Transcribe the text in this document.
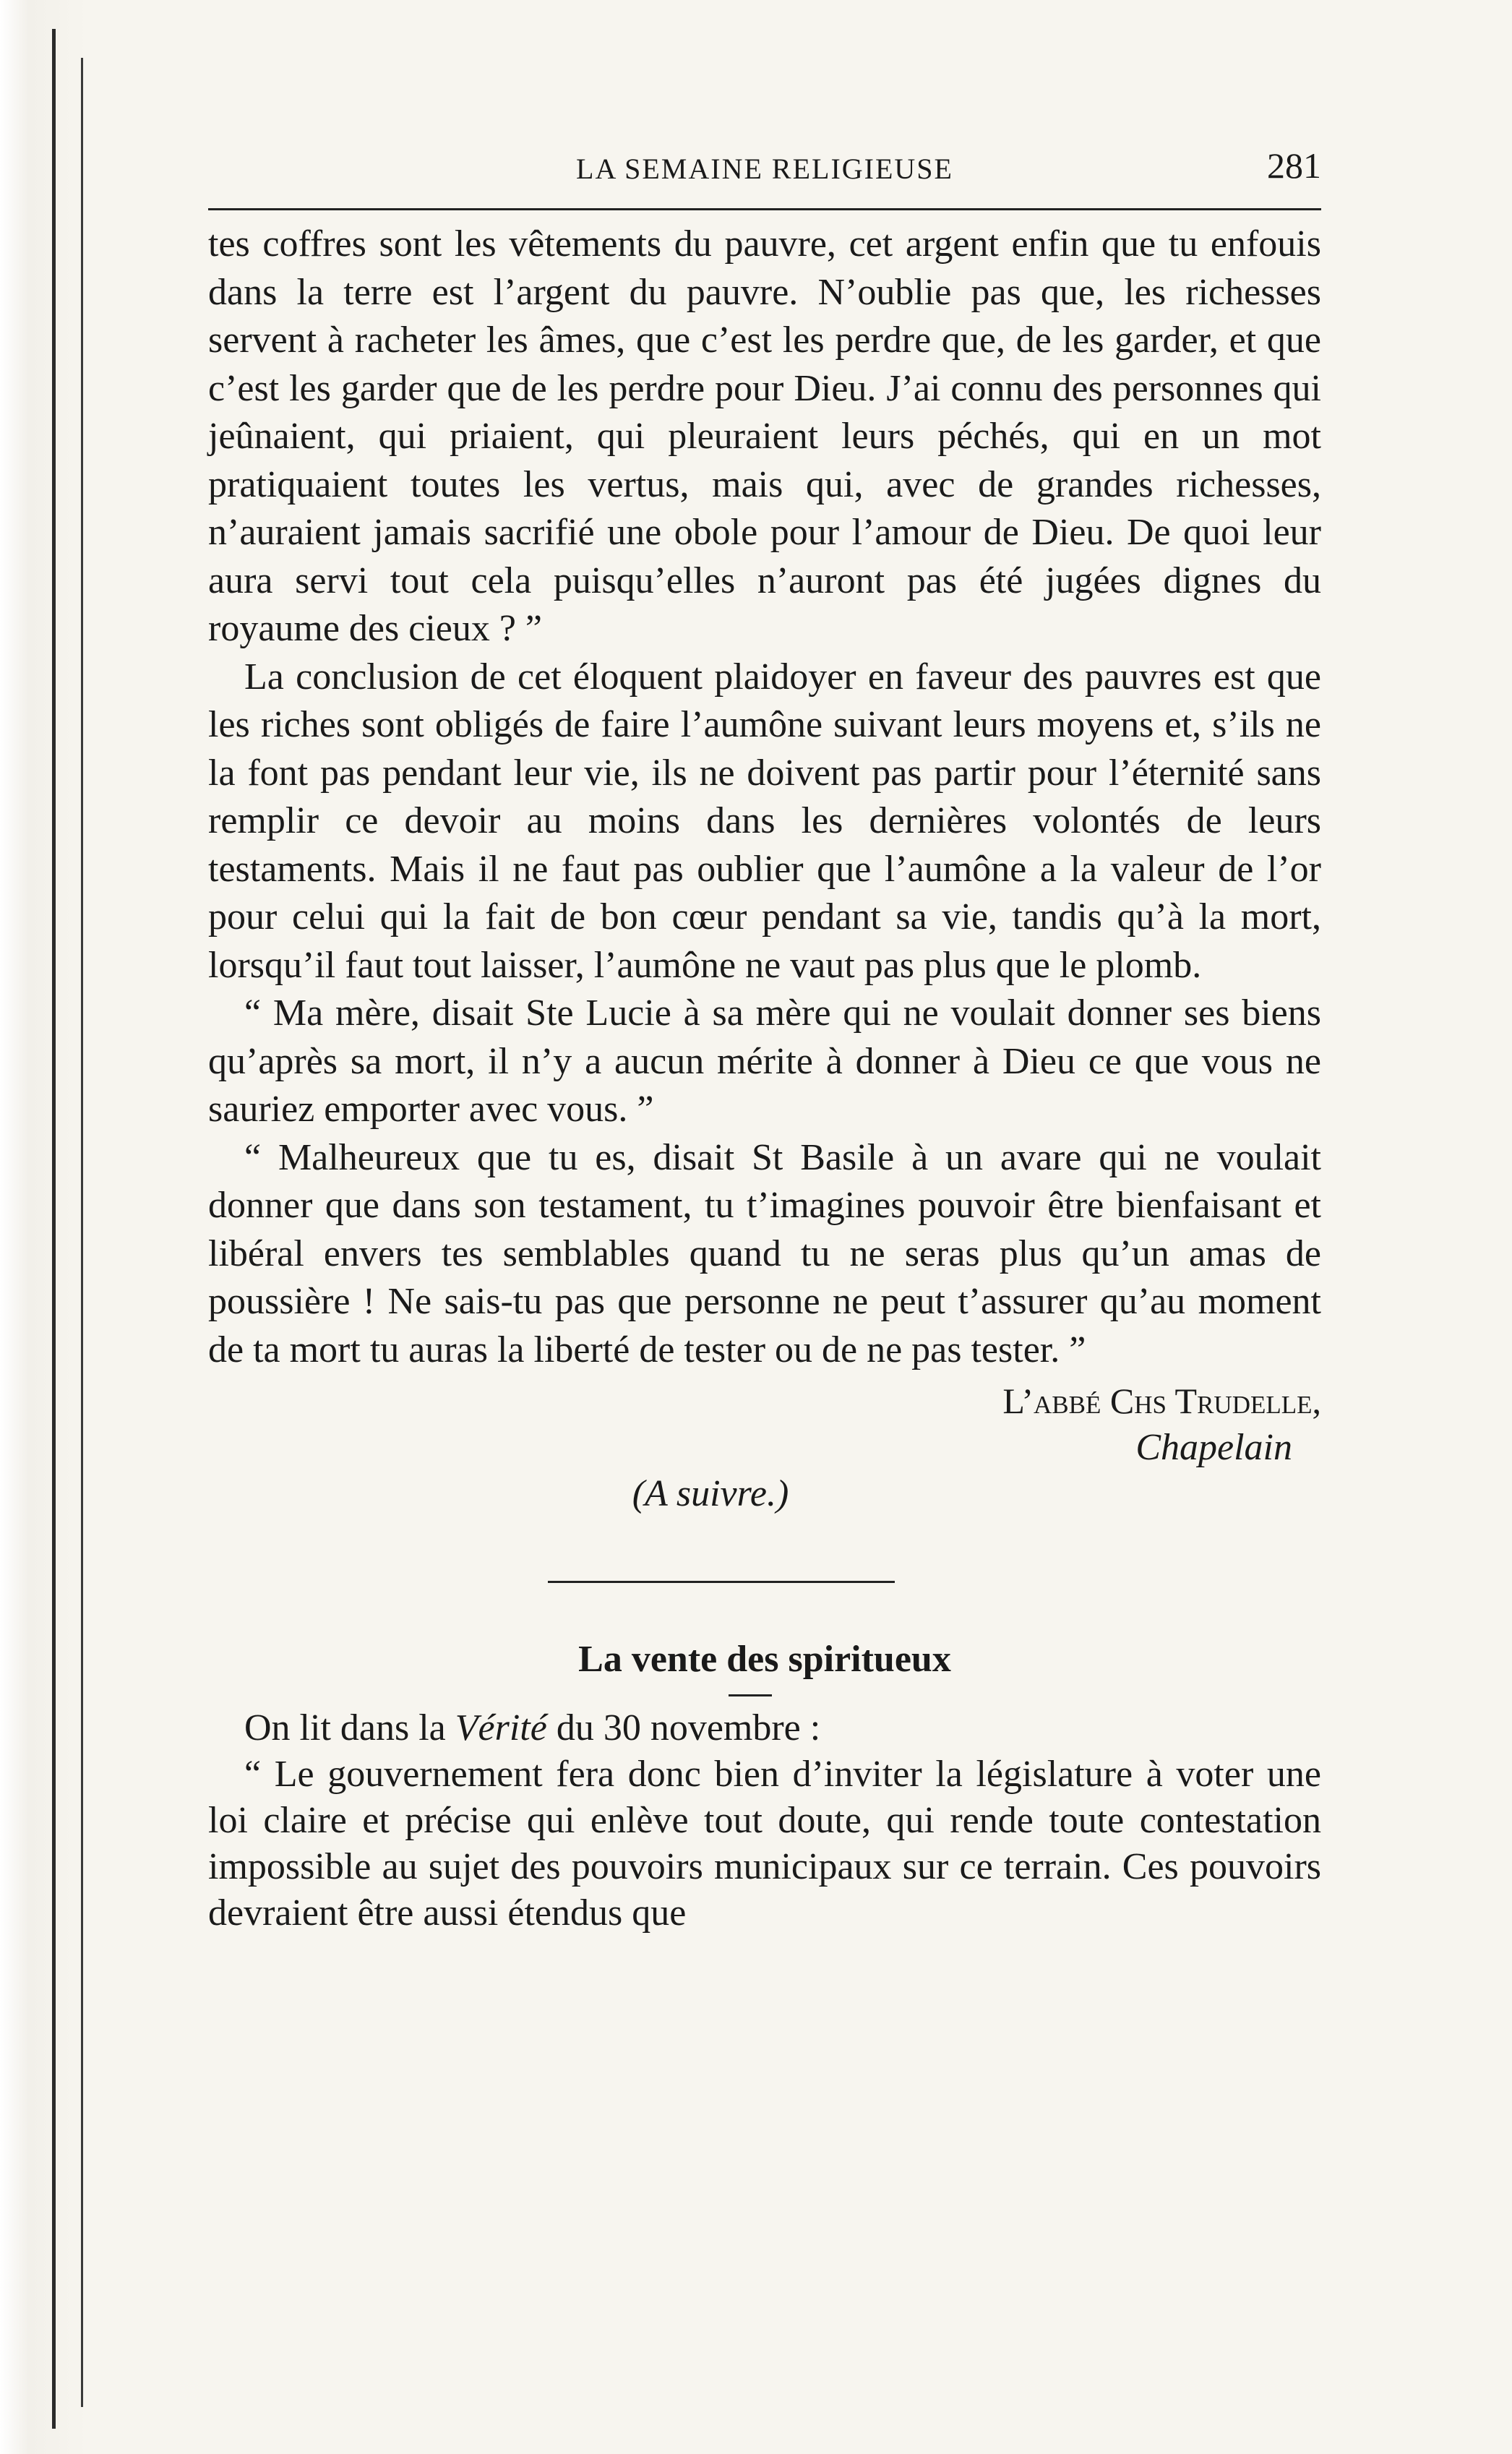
LA SEMAINE RELIGIEUSE	281

tes coffres sont les vêtements du pauvre, cet argent enfin que tu enfouis dans la terre est l’argent du pauvre. N’oublie pas que, les richesses servent à racheter les âmes, que c’est les perdre que, de les garder, et que c’est les garder que de les perdre pour Dieu. J’ai connu des personnes qui jeûnaient, qui priaient, qui pleuraient leurs péchés, qui en un mot pratiquaient toutes les vertus, mais qui, avec de grandes richesses, n’auraient jamais sacrifié une obole pour l’amour de Dieu. De quoi leur aura servi tout cela puisqu’elles n’auront pas été jugées dignes du royaume des cieux ? ”

La conclusion de cet éloquent plaidoyer en faveur des pauvres est que les riches sont obligés de faire l’aumône suivant leurs moyens et, s’ils ne la font pas pendant leur vie, ils ne doivent pas partir pour l’éternité sans remplir ce devoir au moins dans les dernières volontés de leurs testaments. Mais il ne faut pas oublier que l’aumône a la valeur de l’or pour celui qui la fait de bon cœur pendant sa vie, tandis qu’à la mort, lorsqu’il faut tout laisser, l’aumône ne vaut pas plus que le plomb.

“ Ma mère, disait Ste Lucie à sa mère qui ne voulait donner ses biens qu’après sa mort, il n’y a aucun mérite à donner à Dieu ce que vous ne sauriez emporter avec vous. ”

“ Malheureux que tu es, disait St Basile à un avare qui ne voulait donner que dans son testament, tu t’imagines pouvoir être bienfaisant et libéral envers tes semblables quand tu ne seras plus qu’un amas de poussière ! Ne sais-tu pas que personne ne peut t’assurer qu’au moment de ta mort tu auras la liberté de tester ou de ne pas tester. ”

L’abbé Chs Trudelle,
Chapelain
(A suivre.)
La vente des spiritueux

On lit dans la Vérité du 30 novembre :

“ Le gouvernement fera donc bien d’inviter la législature à voter une loi claire et précise qui enlève tout doute, qui rende toute contestation impossible au sujet des pouvoirs municipaux sur ce terrain. Ces pouvoirs devraient être aussi étendus que
